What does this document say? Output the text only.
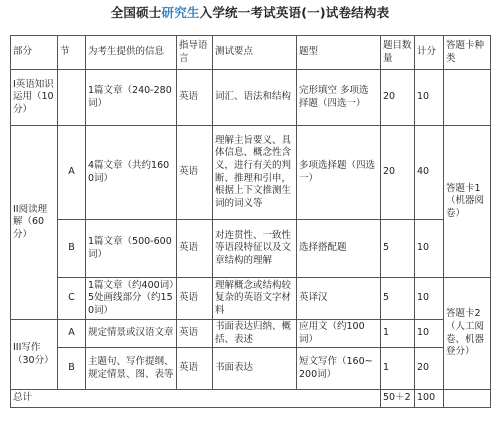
全国硕士研究生入学统一考试英语(一)试卷结构表
部分	节	为考生提供的信息	指导语言	测试要点	题型	题目数量	计分	答题卡种类
I英语知识运用（10分）		1篇文章（240-280词）	英语	词汇、语法和结构	完形填空 多项选择题（四选一）	20	10	
II阅读理解（60分）	A	4篇文章（共约1600词）	英语	理解主旨要义、具体信息、概念性含义，进行有关的判断、推理和引申，根据上下文推测生词的词义等	多项选择题（四选一）	20	40	答题卡1（机器阅卷）
	B	1篇文章（500-600词）	英语	对连贯性、一致性等语段特征以及文章结构的理解	选择搭配题	5	10	
	C	1篇文章（约400词）5处画线部分（约150词）	英语	理解概念或结构较复杂的英语文字材料	英译汉	5	10	答题卡2（人工阅卷、机器登分）
III写作（30分）	A	规定情景或汉语文章	英语	书面表达归纳、概括、表述	应用文（约100词）	1	10	
	B	主题句、写作提纲、规定情景、图、表等	英语	书面表达	短文写作（160~200词）	1	20	
总计						50＋2	100	
